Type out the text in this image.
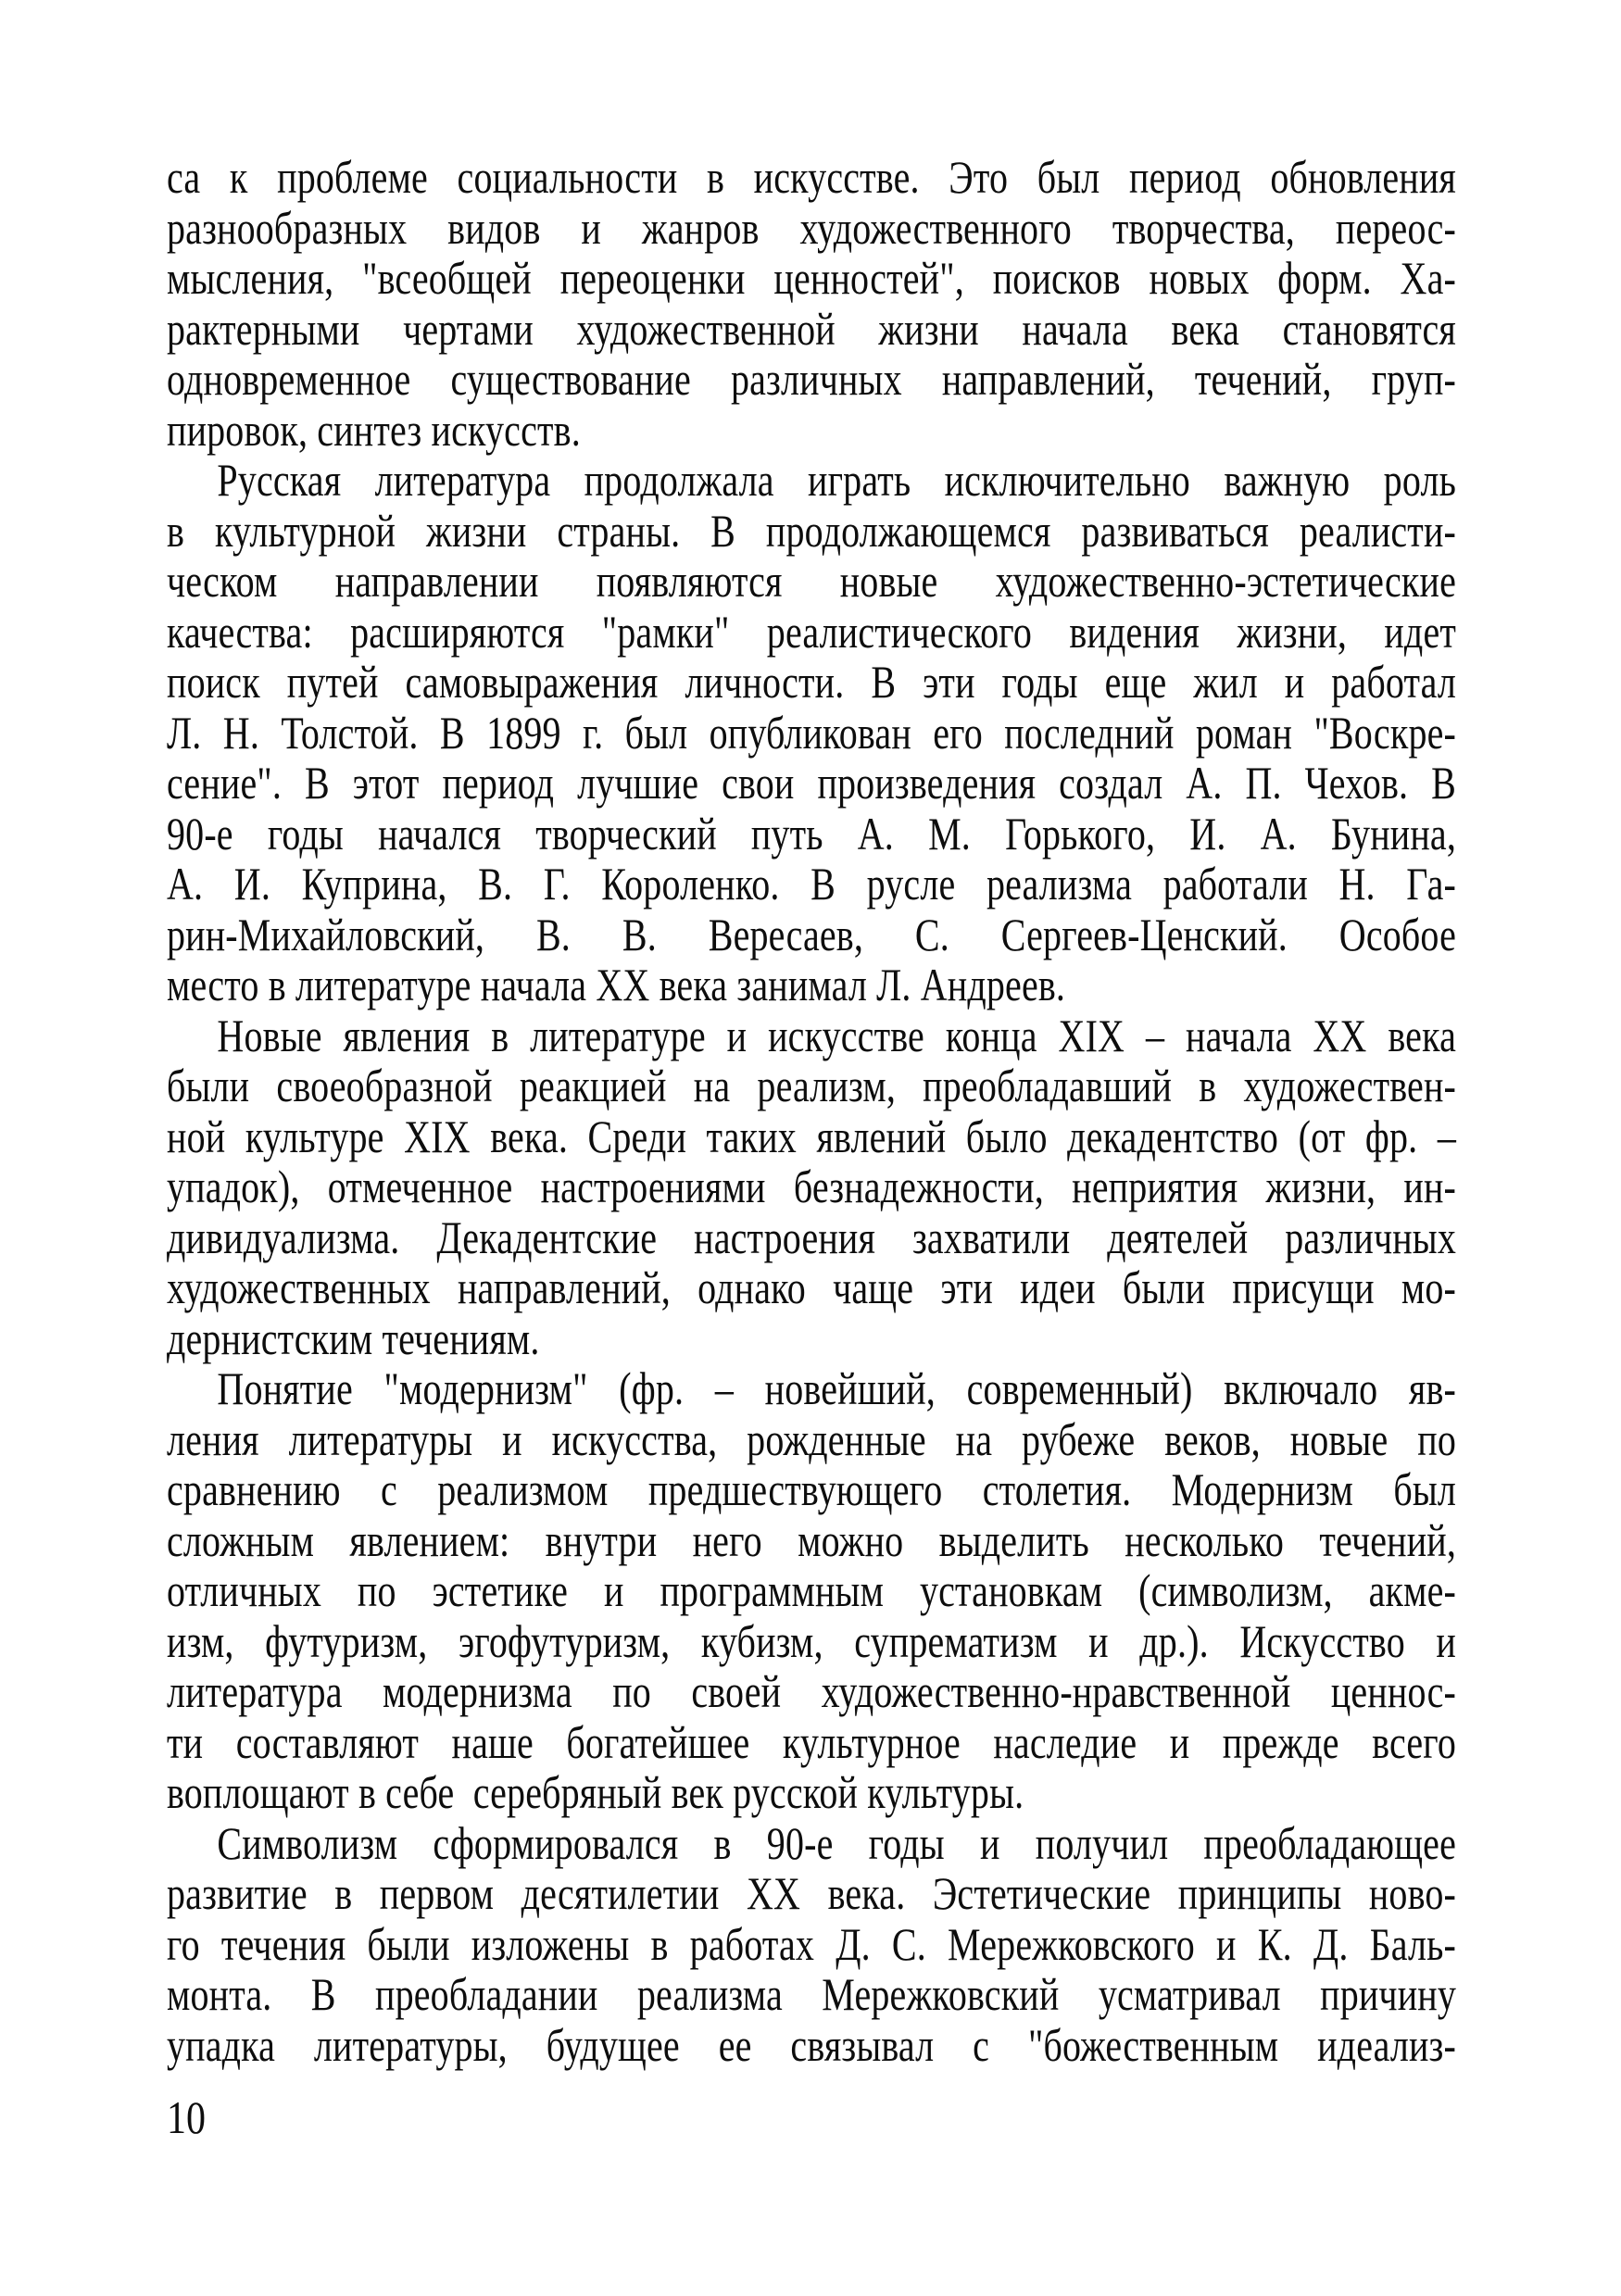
са к проблеме социальности в искусстве. Это был период обновления
разнообразных видов и жанров художественного творчества, переос-
мысления, "всеобщей переоценки ценностей", поисков новых форм. Ха-
рактерными чертами художественной жизни начала века становятся
одновременное существование различных направлений, течений, груп-
пировок, синтез искусств.
Русская литература продолжала играть исключительно важную роль
в культурной жизни страны. В продолжающемся развиваться реалисти-
ческом направлении появляются новые художественно-эстетические
качества: расширяются "рамки" реалистического видения жизни, идет
поиск путей самовыражения личности. В эти годы еще жил и работал
Л. Н. Толстой. В 1899 г. был опубликован его последний роман "Воскре-
сение". В этот период лучшие свои произведения создал А. П. Чехов. В
90-е годы начался творческий путь А. М. Горького, И. А. Бунина,
А. И. Куприна, В. Г. Короленко. В русле реализма работали Н. Га-
рин-Михайловский, В. В. Вересаев, С. Сергеев-Ценский. Особое
место в литературе начала XX века занимал Л. Андреев.
Новые явления в литературе и искусстве конца XIX – начала XX века
были своеобразной реакцией на реализм, преобладавший в художествен-
ной культуре XIX века. Среди таких явлений было декадентство (от фр. –
упадок), отмеченное настроениями безнадежности, неприятия жизни, ин-
дивидуализма. Декадентские настроения захватили деятелей различных
художественных направлений, однако чаще эти идеи были присущи мо-
дернистским течениям.
Понятие "модернизм" (фр. – новейший, современный) включало яв-
ления литературы и искусства, рожденные на рубеже веков, новые по
сравнению с реализмом предшествующего столетия. Модернизм был
сложным явлением: внутри него можно выделить несколько течений,
отличных по эстетике и программным установкам (символизм, акме-
изм, футуризм, эгофутуризм, кубизм, супрематизм и др.). Искусство и
литература модернизма по своей художественно-нравственной ценнос-
ти составляют наше богатейшее культурное наследие и прежде всего
воплощают в себе  серебряный век русской культуры.
Символизм сформировался в 90-е годы и получил преобладающее
развитие в первом десятилетии XX века. Эстетические принципы ново-
го течения были изложены в работах Д. С. Мережковского и К. Д. Баль-
монта. В преобладании реализма Мережковский усматривал причину
упадка литературы, будущее ее связывал с "божественным идеализ-
10
